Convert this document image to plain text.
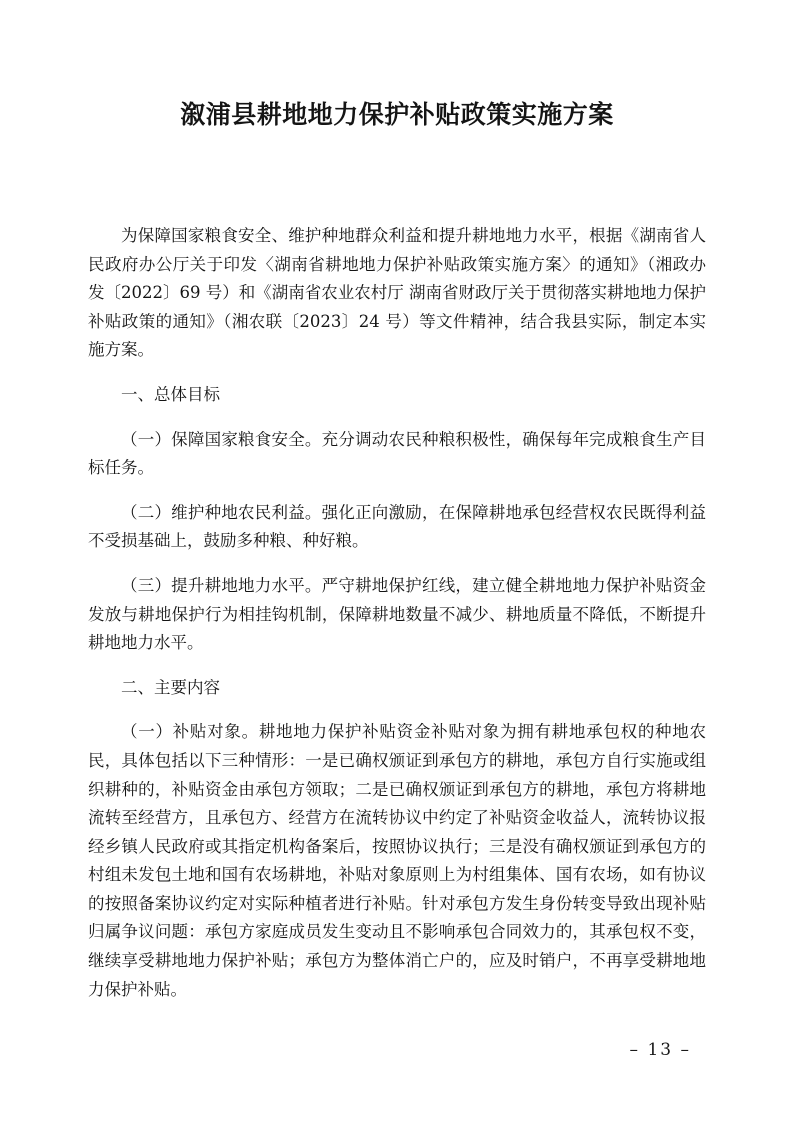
溆浦县耕地地力保护补贴政策实施方案

为保障国家粮食安全、维护种地群众利益和提升耕地地力水平，根据《湖南省人民政府办公厅关于印发〈湖南省耕地地力保护补贴政策实施方案〉的通知》（湘政办发〔2022〕69 号）和《湖南省农业农村厅 湖南省财政厅关于贯彻落实耕地地力保护补贴政策的通知》（湘农联〔2023〕24 号）等文件精神，结合我县实际，制定本实施方案。

一、总体目标

（一）保障国家粮食安全。充分调动农民种粮积极性，确保每年完成粮食生产目标任务。

（二）维护种地农民利益。强化正向激励，在保障耕地承包经营权农民既得利益不受损基础上，鼓励多种粮、种好粮。

（三）提升耕地地力水平。严守耕地保护红线，建立健全耕地地力保护补贴资金发放与耕地保护行为相挂钩机制，保障耕地数量不减少、耕地质量不降低，不断提升耕地地力水平。

二、主要内容

（一）补贴对象。耕地地力保护补贴资金补贴对象为拥有耕地承包权的种地农民，具体包括以下三种情形：一是已确权颁证到承包方的耕地，承包方自行实施或组织耕种的，补贴资金由承包方领取；二是已确权颁证到承包方的耕地，承包方将耕地流转至经营方，且承包方、经营方在流转协议中约定了补贴资金收益人，流转协议报经乡镇人民政府或其指定机构备案后，按照协议执行；三是没有确权颁证到承包方的村组未发包土地和国有农场耕地，补贴对象原则上为村组集体、国有农场，如有协议的按照备案协议约定对实际种植者进行补贴。针对承包方发生身份转变导致出现补贴归属争议问题：承包方家庭成员发生变动且不影响承包合同效力的，其承包权不变，继续享受耕地地力保护补贴；承包方为整体消亡户的，应及时销户，不再享受耕地地力保护补贴。

– 13 –
